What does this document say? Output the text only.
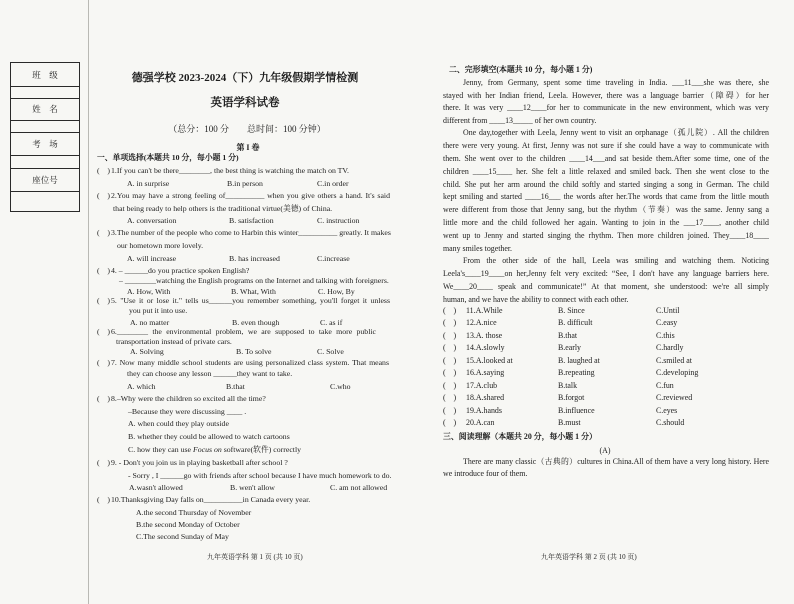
班　级
姓　名
考　场
座位号
德强学校 2023-2024（下）九年级假期学情检测
英语学科试卷
（总分：100 分　　总时间：100 分钟）
第 I 卷
一、单项选择(本题共 10 分，每小题 1 分)
(　) 1.If you can't be there________, the best thing is watching the match on TV.
A. in surprise	B.in person	C.in order
(　) 2.You may have a strong feeling of__________ when you give others a hand. It's said
that being ready to help others is the traditional virtue(美德) of China.
A. conversation	B. satisfaction	C. instruction
(　) 3.The number of the people who come to Harbin this winter__________ greatly. It makes
our hometown more lovely.
A. will increase	B. has increased	C.increase
(　) 4. – ______do you practice spoken English?
– ________watching the English programs on the Internet and talking with foreigners.
A. How, With	B. What, With	C. How, By
(　) 5. "Use it or lose it." tells us______you remember something, you'll forget it unless
you put it into use.
A. no matter	B. even though	C. as if
(　) 6.________ the environmental problem, we are supposed to take more public
transportation instead of private cars.
A. Solving	B. To solve	C. Solve
(　) 7. Now many middle school students are using personalized class system. That means
they can choose any lesson ______they want to take.
A. which	B.that	C.who
(　) 8.–Why were the children so excited all the time?
–Because they were discussing ____ .
A. when could they play outside
B. whether they could be allowed to watch cartoons
C. how they can use Focus on software(软件) correctly
(　) 9. - Don't you join us in playing basketball after school ?
- Sorry , I ______go with friends after school because I have much homework to do.
A.wasn't allowed	B. wen't allow	C. am not allowed
(　) 10.Thanksgiving Day falls on__________in Canada every year.
A.the second Thursday of November
B.the second Monday of October
C.The second Sunday of May
九年英语学科 第 1 页 (共 10 页)
二、完形填空(本题共 10 分，每小题 1 分)
Jenny, from Germany, spent some time traveling in India. ___11___she was there, she
stayed with her Indian friend, Leela. However, there was a language barrier（障碍）for her
there. It was very ____12____for her to communicate in the new environment, which was very
different from ____13_____ of her own country.
One day,together with Leela, Jenny went to visit an orphanage（孤儿院）. All the children
there were very young. At first, Jenny was not sure if she could have a way to communicate with
them. She went over to the children ____14___and sat beside them.After some time, one of the
children ____15____ her. She felt a little relaxed and smiled back. Then she went close to the
child. She put her arm around the child softly and started singing a song in German. The child
kept smiling and started ____16___ the words after her.The words that came from the little mouth
were different from those that Jenny sang, but the rhythm（节奏）was the same. Jenny sang a
little more and the child followed her again. Wanting to join in the ___17____, another child
went up to Jenny and started singing the rhythm. Then more children joined. They____18____
many smiles together.
From the other side of the hall, Leela was smiling and watching them. Noticing
Leela's____19____on her,Jenny felt very excited: “See, I don't have any language barriers here.
We____20____ speak and communicate!” At that moment, she understood: we're all simply
human, and we have the ability to connect with each other.
(　) 11.A.While	B. Since	C.Until
(　) 12.A.nice	B. difficult	C.easy
(　) 13.A. those	B.that	C.this
(　) 14.A.slowly	B.early	C.hardly
(　) 15.A.looked at	B. laughed at	C.smiled at
(　) 16.A.saying	B.repeating	C.developing
(　) 17.A.club	B.talk	C.fun
(　) 18.A.shared	B.forgot	C.reviewed
(　) 19.A.hands	B.influence	C.eyes
(　) 20.A.can	B.must	C.should
三、阅读理解（本题共 20 分，每小题 1 分）
(A)
There are many classic（古典的）cultures in China.All of them have a very long history. Here
we introduce four of them.
九年英语学科 第 2 页 (共 10 页)
